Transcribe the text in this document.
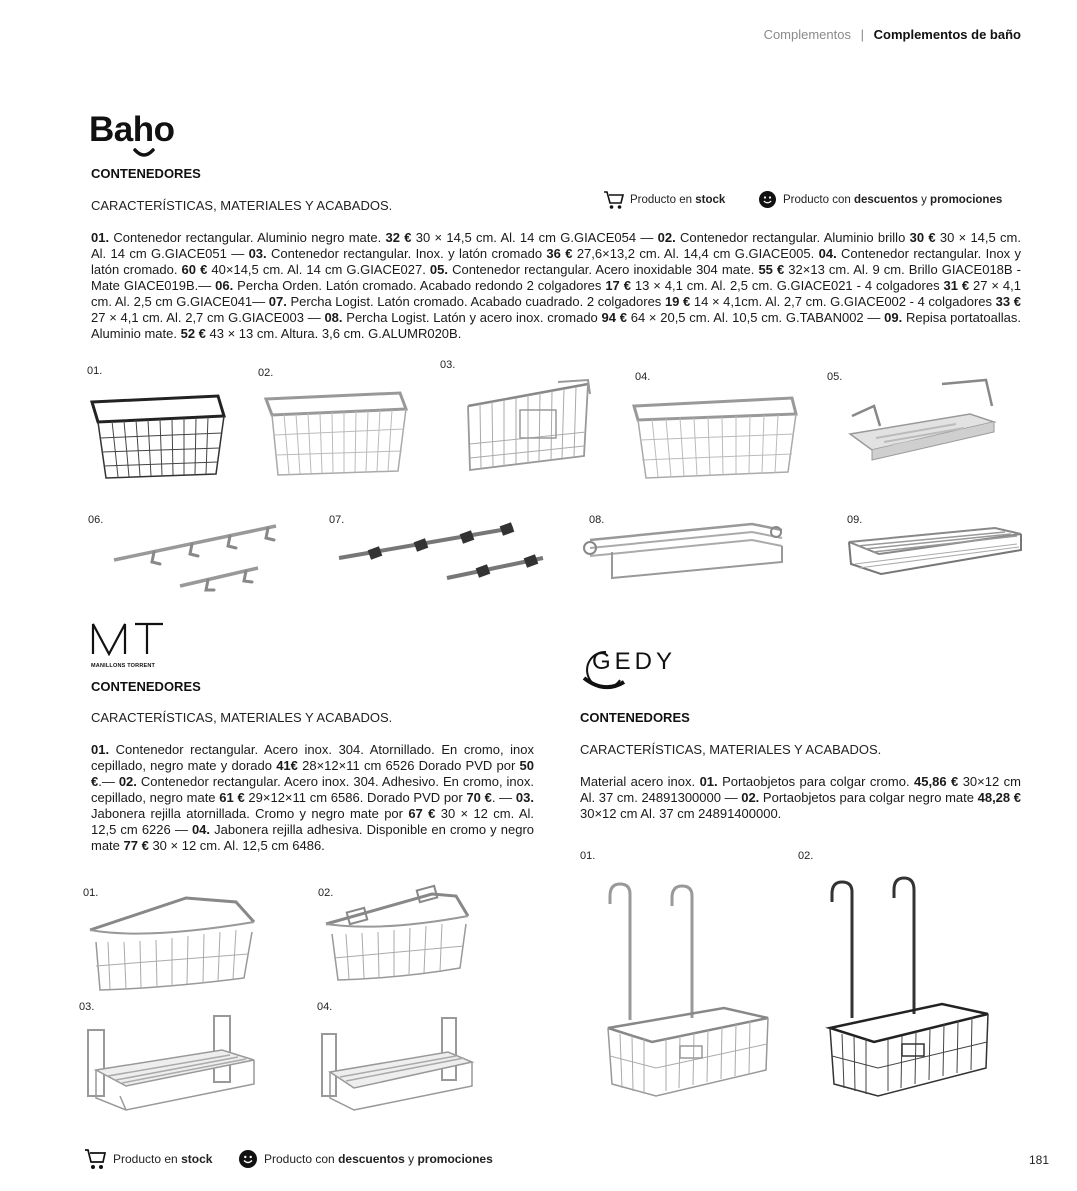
Complementos | Complementos de baño
Baho
CONTENEDORES
CARACTERÍSTICAS, MATERIALES Y ACABADOS.	Producto en
stock	Producto con
descuentos
y
promociones
01. Contenedor rectangular. Aluminio negro mate. 32 € 30 × 14,5 cm. Al. 14 cm G.GIACE054 — 02. Contenedor rectangular. Aluminio brillo 30 € 30 × 14,5 cm. Al. 14 cm G.GIACE051 — 03. Contenedor rectangular. Inox. y latón cromado 36 € 27,6×13,2 cm. Al. 14,4 cm G.GIACE005. 04. Contenedor rectangular. Inox y latón cromado. 60 € 40×14,5 cm. Al. 14 cm G.GIACE027. 05. Contenedor rectangular. Acero inoxidable 304 mate. 55 € 32×13 cm. Al. 9 cm. Brillo GIACE018B - Mate GIACE019B.— 06. Percha Orden. Latón cromado. Acabado redondo 2 colgadores 17 € 13 × 4,1 cm. Al. 2,5 cm. G.GIACE021 - 4 colgadores 31 € 27 × 4,1 cm. Al. 2,5 cm G.GIACE041— 07. Percha Logist. Latón cromado. Acabado cuadrado. 2 colgadores 19 € 14 × 4,1cm. Al. 2,7 cm. G.GIACE002 - 4 colgadores 33 € 27 × 4,1 cm. Al. 2,7 cm G.GIACE003 — 08. Percha Logist. Latón y acero inox. cromado 94 € 64 × 20,5 cm. Al. 10,5 cm. G.TABAN002 — 09. Repisa portatoallas. Aluminio mate. 52 € 43 × 13 cm. Altura. 3,6 cm. G.ALUMR020B.
01.	02.
03.
04.	05.
06.	07.	08.	09.
MANILLONS TORRENT
CONTENEDORES
CARACTERÍSTICAS, MATERIALES Y ACABADOS.
01. Contenedor rectangular. Acero inox. 304. Atornillado. En cromo, inox cepillado, negro mate y dorado 41€ 28×12×11 cm 6526 Dorado PVD por 50 €.— 02. Contenedor rectangular. Acero inox. 304. Adhesivo. En cromo, inox. cepillado, negro mate 61 € 29×12×11 cm 6586. Dorado PVD por 70 €. — 03. Jabonera rejilla atornillada. Cromo y negro mate por 67 € 30 × 12 cm. Al. 12,5 cm 6226 — 04. Jabonera rejilla adhesiva. Disponible en cromo y negro mate 77 € 30 × 12 cm. Al. 12,5 cm 6486.
01.	02.
03.	04.
GEDY
CONTENEDORES
CARACTERÍSTICAS, MATERIALES Y ACABADOS.
Material acero inox. 01. Portaobjetos para colgar cromo. 45,86 € 30×12 cm Al. 37 cm. 24891300000 — 02. Portaobjetos para colgar negro mate 48,28 € 30×12 cm Al. 37 cm 24891400000.
01.	02.
Producto en
stock	Producto con
descuentos
y
promociones	181
